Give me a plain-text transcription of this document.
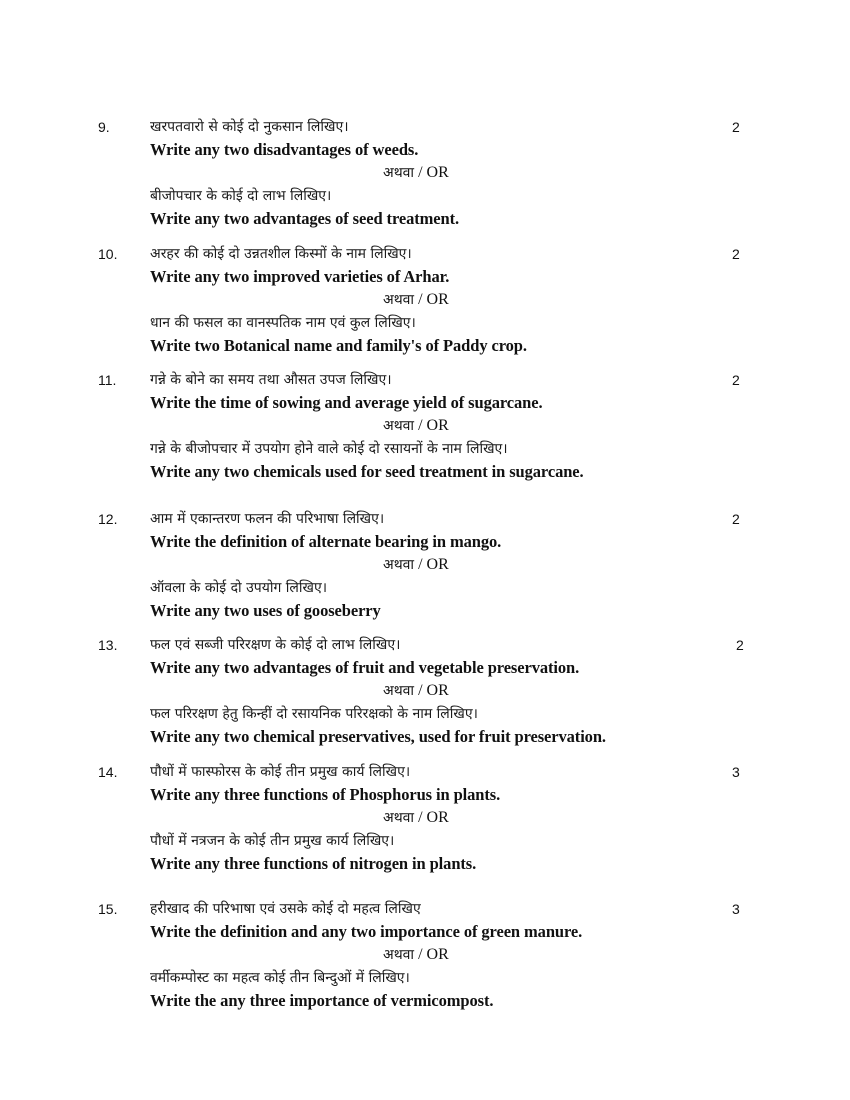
9.	2
खरपतवारो से कोई दो नुकसान लिखिए।
Write any two disadvantages of weeds.
अथवा / OR
बीजोपचार के कोई दो लाभ लिखिए।
Write any two advantages of seed treatment.
10.	2
अरहर की कोई दो उन्नतशील किस्मों के नाम लिखिए।
Write any two improved varieties of Arhar.
अथवा / OR
धान की फसल का वानस्पतिक नाम एवं कुल लिखिए।
Write two Botanical name and family's of Paddy crop.
11.	2
गन्ने के बोने का समय तथा औसत उपज लिखिए।
Write the time of sowing and average yield of sugarcane.
अथवा / OR
गन्ने के बीजोपचार में उपयोग होने वाले कोई दो रसायनों के नाम लिखिए।
Write any two chemicals used for seed treatment in sugarcane.
12.	2
आम में एकान्तरण फलन की परिभाषा लिखिए।
Write the definition of alternate bearing in mango.
अथवा / OR
ऑवला के कोई दो उपयोग लिखिए।
Write any two uses of gooseberry
13.	2
फल एवं सब्जी परिरक्षण के कोई दो लाभ लिखिए।
Write any two advantages of fruit and vegetable preservation.
अथवा / OR
फल परिरक्षण हेतु किन्हीं दो रसायनिक परिरक्षको के नाम लिखिए।
Write any two chemical preservatives, used for fruit preservation.
14.	3
पौधों में फास्फोरस के कोई तीन प्रमुख कार्य लिखिए।
Write any three functions of Phosphorus in plants.
अथवा / OR
पौधों में नत्रजन के कोई तीन प्रमुख कार्य लिखिए।
Write any three functions of nitrogen in plants.
15.	3
हरीखाद की परिभाषा एवं उसके कोई दो महत्व लिखिए
Write the definition and any two importance of green manure.
अथवा / OR
वर्मीकम्पोस्ट का महत्व कोई तीन बिन्दुओं में लिखिए।
Write the any three importance of vermicompost.
